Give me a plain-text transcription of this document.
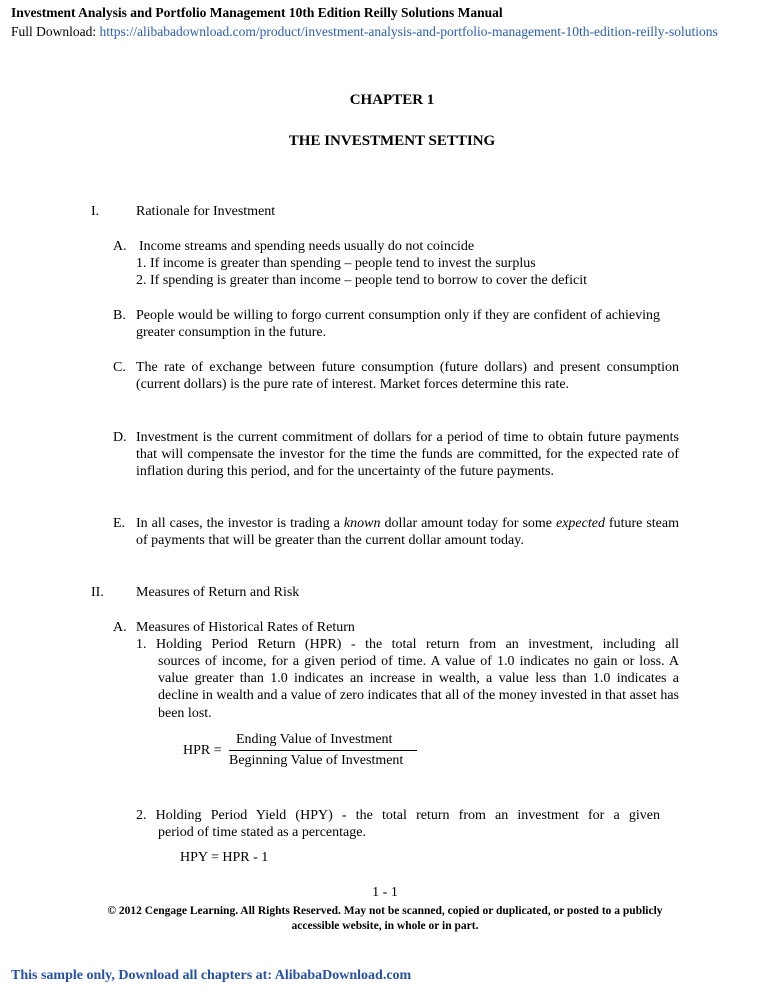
Investment Analysis and Portfolio Management 10th Edition Reilly Solutions Manual
Full Download: https://alibabadownload.com/product/investment-analysis-and-portfolio-management-10th-edition-reilly-solutions
CHAPTER 1
THE INVESTMENT SETTING
I.	Rationale for Investment
A. Income streams and spending needs usually do not coincide
1. If income is greater than spending – people tend to invest the surplus
2. If spending is greater than income – people tend to borrow to cover the deficit
B. People would be willing to forgo current consumption only if they are confident of achieving greater consumption in the future.
C. The rate of exchange between future consumption (future dollars) and present consumption (current dollars) is the pure rate of interest. Market forces determine this rate.
D. Investment is the current commitment of dollars for a period of time to obtain future payments that will compensate the investor for the time the funds are committed, for the expected rate of inflation during this period, and for the uncertainty of the future payments.
E. In all cases, the investor is trading a known dollar amount today for some expected future steam of payments that will be greater than the current dollar amount today.
II. Measures of Return and Risk
A. Measures of Historical Rates of Return
1. Holding Period Return (HPR) - the total return from an investment, including all
sources of income, for a given period of time. A value of 1.0 indicates no gain or loss. A value greater than 1.0 indicates an increase in wealth, a value less than 1.0 indicates a decline in wealth and a value of zero indicates that all of the money invested in that asset has been lost.
HPR =
Ending Value of Investment
Beginning Value of Investment
2. Holding Period Yield (HPY) - the total return from an investment for a given
period of time stated as a percentage.
HPY = HPR - 1
1 - 1
© 2012 Cengage Learning. All Rights Reserved. May not be scanned, copied or duplicated, or posted to a publicly accessible website, in whole or in part.
This sample only, Download all chapters at: AlibabaDownload.com
